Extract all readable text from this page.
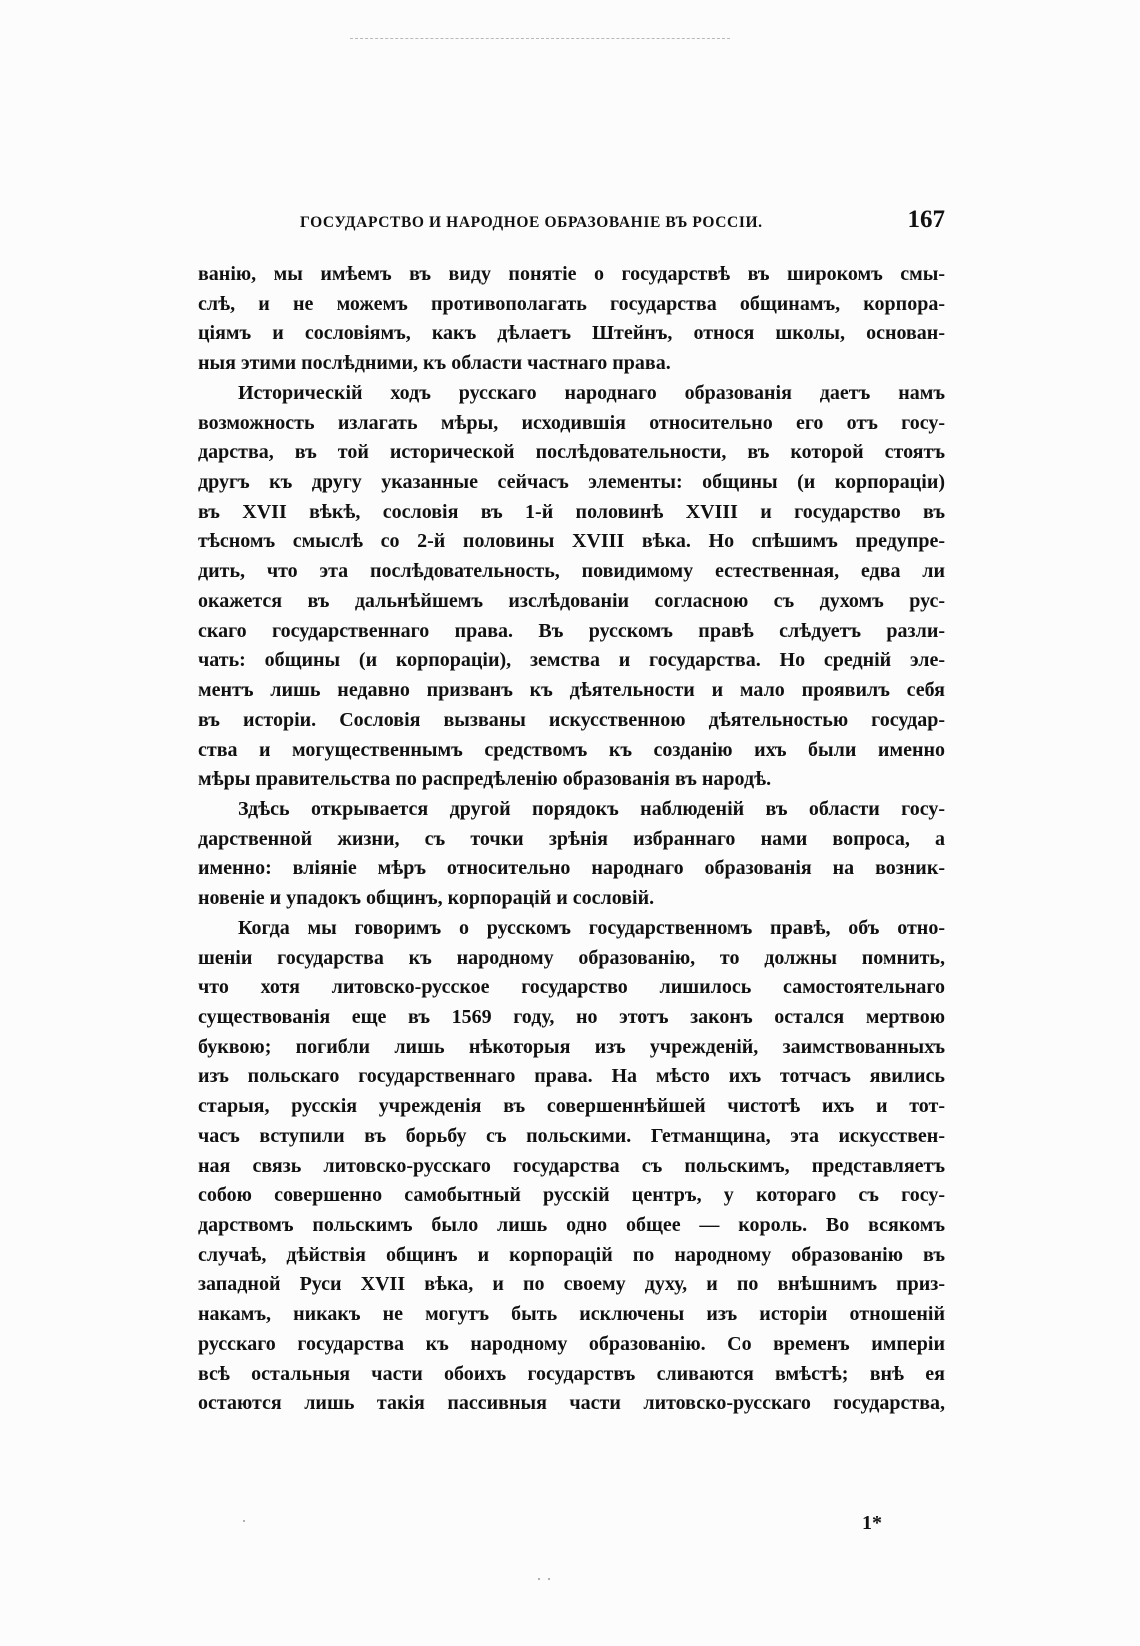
ГОСУДАРСТВО И НАРОДНОЕ ОБРАЗОВАНІЕ ВЪ РОССІИ.	167
ванію, мы имѣемъ въ виду понятіе о государствѣ въ широкомъ смы-
слѣ, и не можемъ противополагать государства общинамъ, корпора-
ціямъ и сословіямъ, какъ дѣлаетъ Штейнъ, относя школы, основан-
ныя этими послѣдними, къ области частнаго права.
Историческій ходъ русскаго народнаго образованія даетъ намъ
возможность излагать мѣры, исходившія относительно его отъ госу-
дарства, въ той исторической послѣдовательности, въ которой стоятъ
другъ къ другу указанные сейчасъ элементы: общины (и корпораціи)
въ XVII вѣкѣ, сословія въ 1-й половинѣ XVIII и государство въ
тѣсномъ смыслѣ со 2-й половины XVIII вѣка. Но спѣшимъ предупре-
дить, что эта послѣдовательность, повидимому естественная, едва ли
окажется въ дальнѣйшемъ изслѣдованіи согласною съ духомъ рус-
скаго государственнаго права. Въ русскомъ правѣ слѣдуетъ разли-
чать: общины (и корпораціи), земства и государства. Но средній эле-
ментъ лишь недавно призванъ къ дѣятельности и мало проявилъ себя
въ исторіи. Сословія вызваны искусственною дѣятельностью государ-
ства и могущественнымъ средствомъ къ созданію ихъ были именно
мѣры правительства по распредѣленію образованія въ народѣ.
Здѣсь открывается другой порядокъ наблюденій въ области госу-
дарственной жизни, съ точки зрѣнія избраннаго нами вопроса, а
именно: вліяніе мѣръ относительно народнаго образованія на возник-
новеніе и упадокъ общинъ, корпорацій и сословій.
Когда мы говоримъ о русскомъ государственномъ правѣ, объ отно-
шеніи государства къ народному образованію, то должны помнить,
что хотя литовско-русское государство лишилось самостоятельнаго
существованія еще въ 1569 году, но этотъ законъ остался мертвою
буквою; погибли лишь нѣкоторыя изъ учрежденій, заимствованныхъ
изъ польскаго государственнаго права. На мѣсто ихъ тотчасъ явились
старыя, русскія учрежденія въ совершеннѣйшей чистотѣ ихъ и тот-
часъ вступили въ борьбу съ польскими. Гетманщина, эта искусствен-
ная связь литовско-русскаго государства съ польскимъ, представляетъ
собою совершенно самобытный русскій центръ, у котораго съ госу-
дарствомъ польскимъ было лишь одно общее — король. Во всякомъ
случаѣ, дѣйствія общинъ и корпорацій по народному образованію въ
западной Руси XVII вѣка, и по своему духу, и по внѣшнимъ приз-
накамъ, никакъ не могутъ быть исключены изъ исторіи отношеній
русскаго государства къ народному образованію. Со временъ имперіи
всѣ остальныя части обоихъ государствъ сливаются вмѣстѣ; внѣ ея
остаются лишь такія пассивныя части литовско-русскаго государства,
1*
